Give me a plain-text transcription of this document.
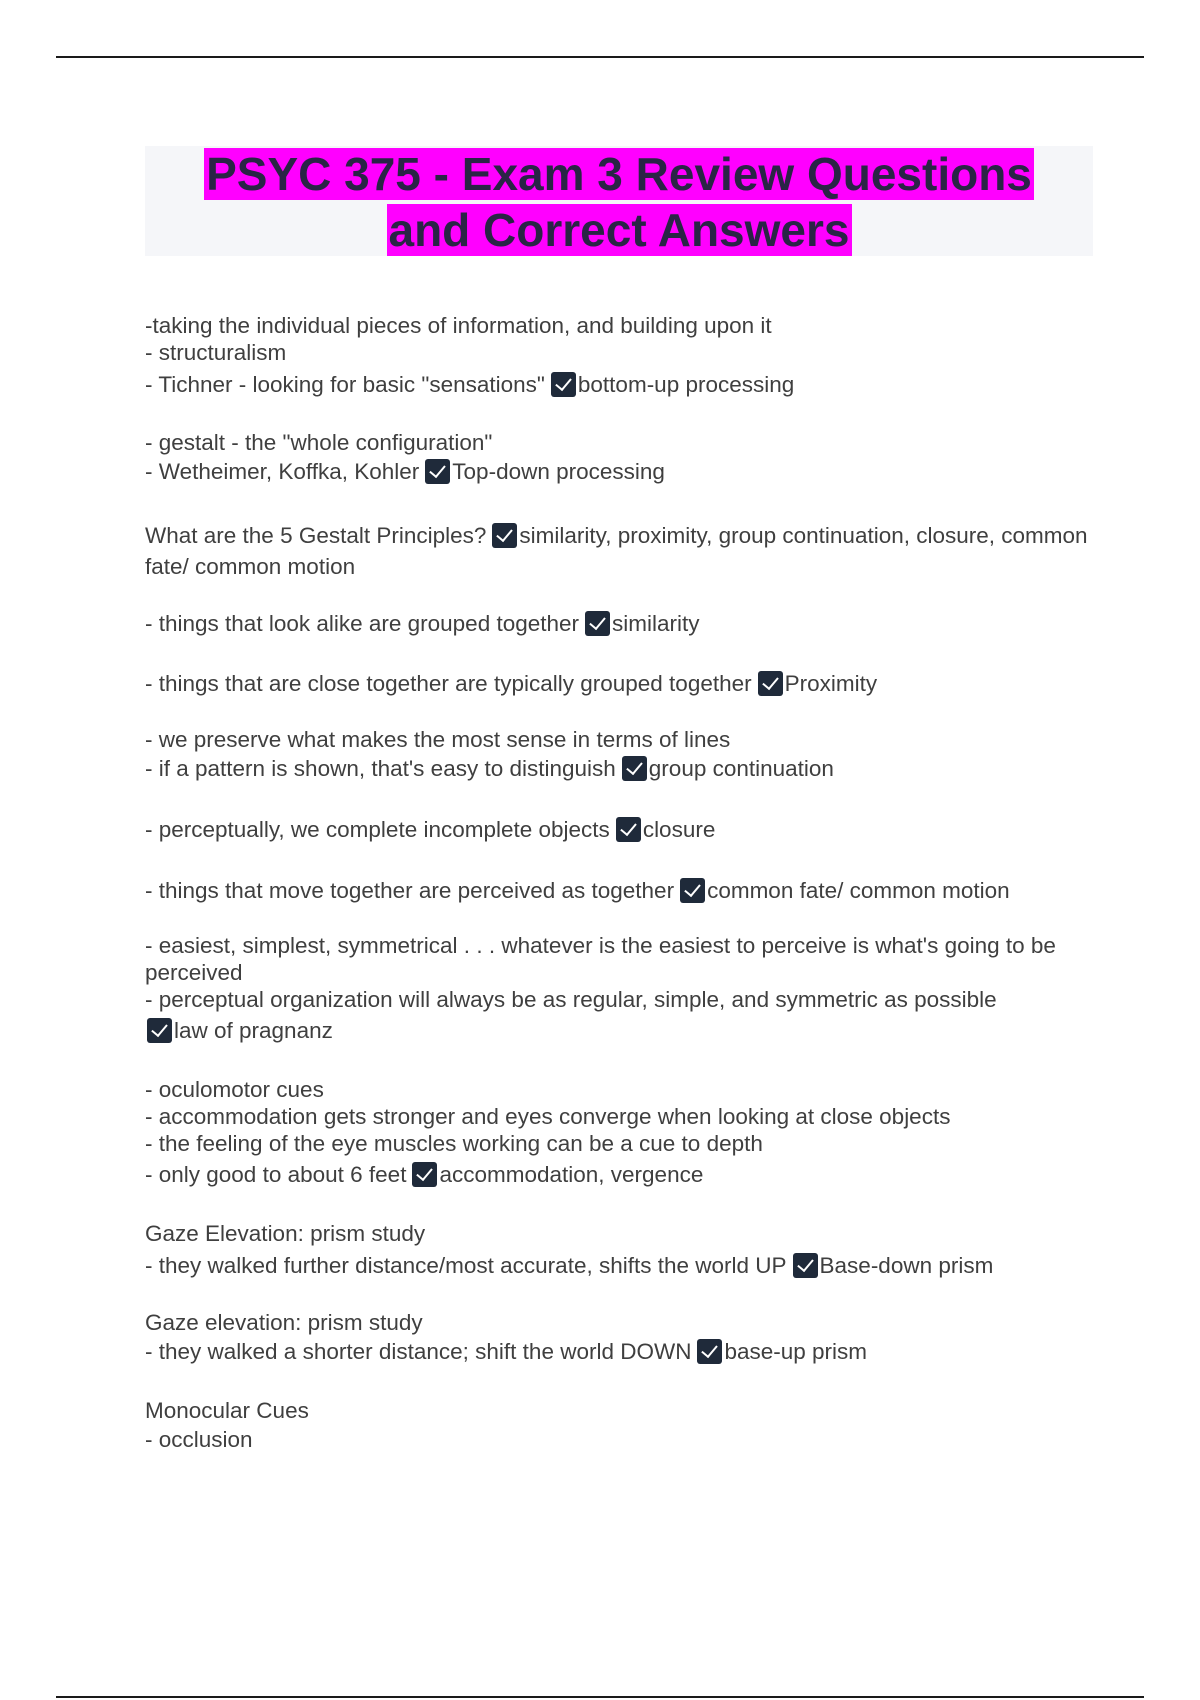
PSYC 375 - Exam 3 Review Questions
and Correct Answers
-taking the individual pieces of information, and building upon it
- structuralism
- Tichner - looking for basic "sensations" bottom-up processing
- gestalt - the "whole configuration"
- Wetheimer, Koffka, Kohler Top-down processing
What are the 5 Gestalt Principles? similarity, proximity, group continuation, closure, common fate/ common motion
- things that look alike are grouped together similarity
- things that are close together are typically grouped together Proximity
- we preserve what makes the most sense in terms of lines
- if a pattern is shown, that's easy to distinguish group continuation
- perceptually, we complete incomplete objects closure
- things that move together are perceived as together common fate/ common motion
- easiest, simplest, symmetrical . . . whatever is the easiest to perceive is what's going to be perceived
- perceptual organization will always be as regular, simple, and symmetric as possible
law of pragnanz
- oculomotor cues
- accommodation gets stronger and eyes converge when looking at close objects
- the feeling of the eye muscles working can be a cue to depth
- only good to about 6 feet accommodation, vergence
Gaze Elevation: prism study
- they walked further distance/most accurate, shifts the world UP Base-down prism
Gaze elevation: prism study
- they walked a shorter distance; shift the world DOWN base-up prism
Monocular Cues
- occlusion
